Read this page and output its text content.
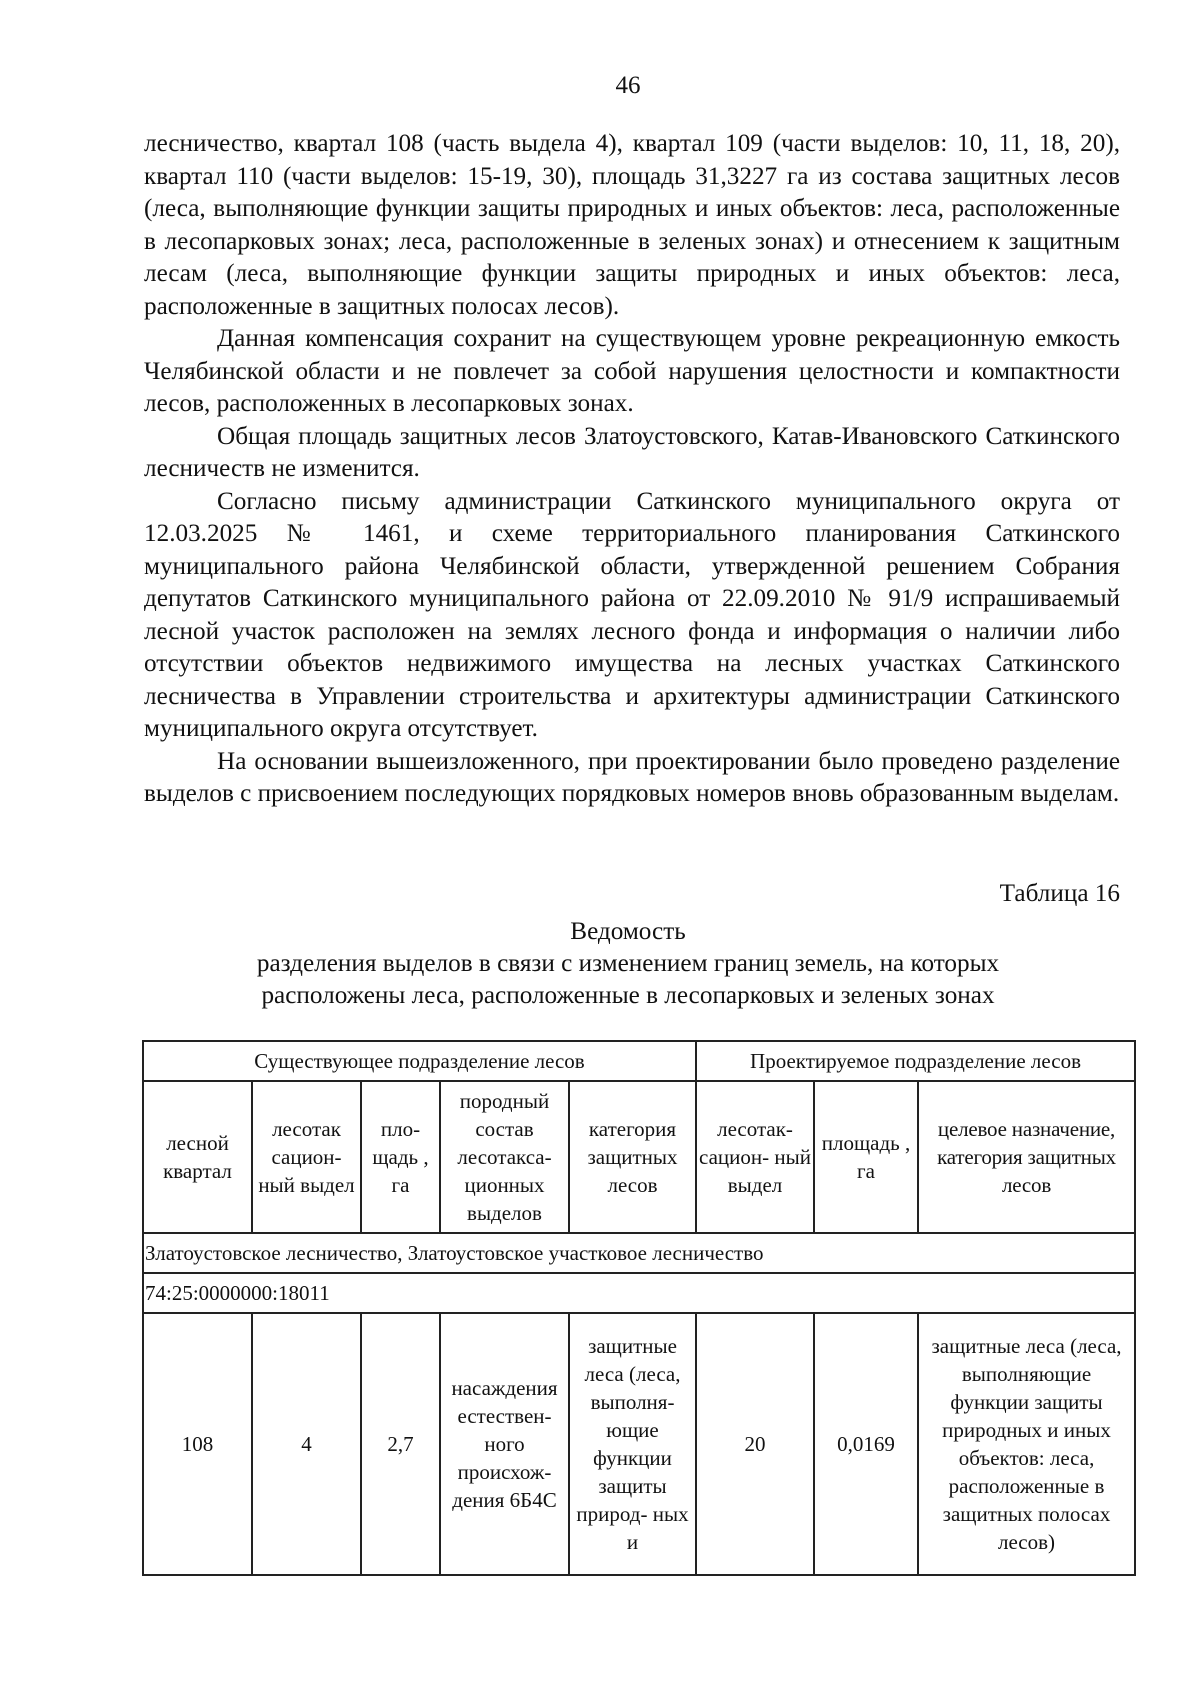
46

лесничество, квартал 108 (часть выдела 4), квартал 109 (части выделов: 10, 11, 18, 20), квартал 110 (части выделов: 15-19, 30), площадь 31,3227 га из состава защитных лесов (леса, выполняющие функции защиты природных и иных объектов: леса, расположенные в лесопарковых зонах; леса, расположенные в зеленых зонах) и отнесением к защитным лесам (леса, выполняющие функции защиты природных и иных объектов: леса, расположенные в защитных полосах лесов).

Данная компенсация сохранит на существующем уровне рекреационную емкость Челябинской области и не повлечет за собой нарушения целостности и компактности лесов, расположенных в лесопарковых зонах.

Общая площадь защитных лесов Златоустовского, Катав-Ивановского Саткинского лесничеств не изменится.

Согласно письму администрации Саткинского муниципального округа от 12.03.2025 № 1461, и схеме территориального планирования Саткинского муниципального района Челябинской области, утвержденной решением Собрания депутатов Саткинского муниципального района от 22.09.2010 № 91/9 испрашиваемый лесной участок расположен на землях лесного фонда и информация о наличии либо отсутствии объектов недвижимого имущества на лесных участках Саткинского лесничества в Управлении строительства и архитектуры администрации Саткинского муниципального округа отсутствует.

На основании вышеизложенного, при проектировании было проведено разделение выделов с присвоением последующих порядковых номеров вновь образованным выделам.

Таблица 16
Ведомость
разделения выделов в связи с изменением границ земель, на которых
расположены леса, расположенные в лесопарковых и зеленых зонах
Существующее подразделение лесов					Проектируемое подразделение лесов		
лесной квартал	лесотак сацион- ный выдел	пло- щадь , га	породный состав лесотакса- ционных выделов	категория защитных лесов	лесотак- сацион- ный выдел	площадь , га	целевое назначение, категория защитных лесов
Златоустовское лесничество, Златоустовское участковое лесничество							
74:25:0000000:18011							
108	4	2,7	насаждения естествен- ного происхож- дения 6Б4С	защитные леса (леса, выполня- ющие функции защиты природ- ных и	20	0,0169	защитные леса (леса, выполняющие функции защиты природных и иных объектов: леса, расположенные в защитных полосах лесов)
